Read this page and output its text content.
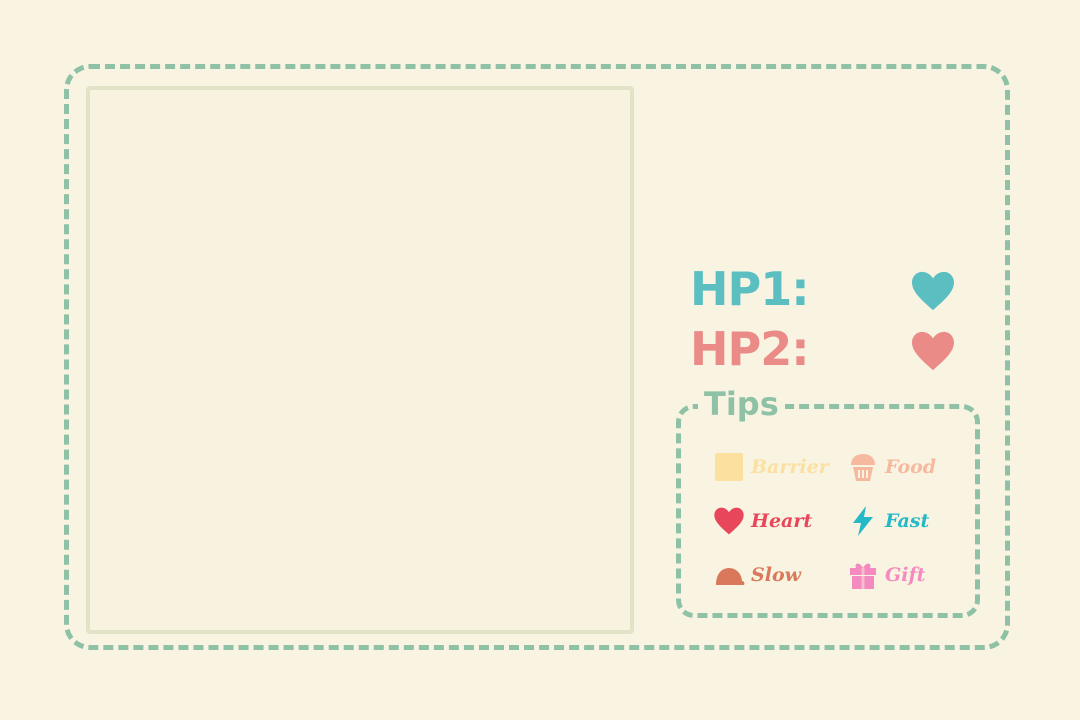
HP1:
HP2:
Tips
Barrier	Food
Heart	Fast
Slow	Gift
